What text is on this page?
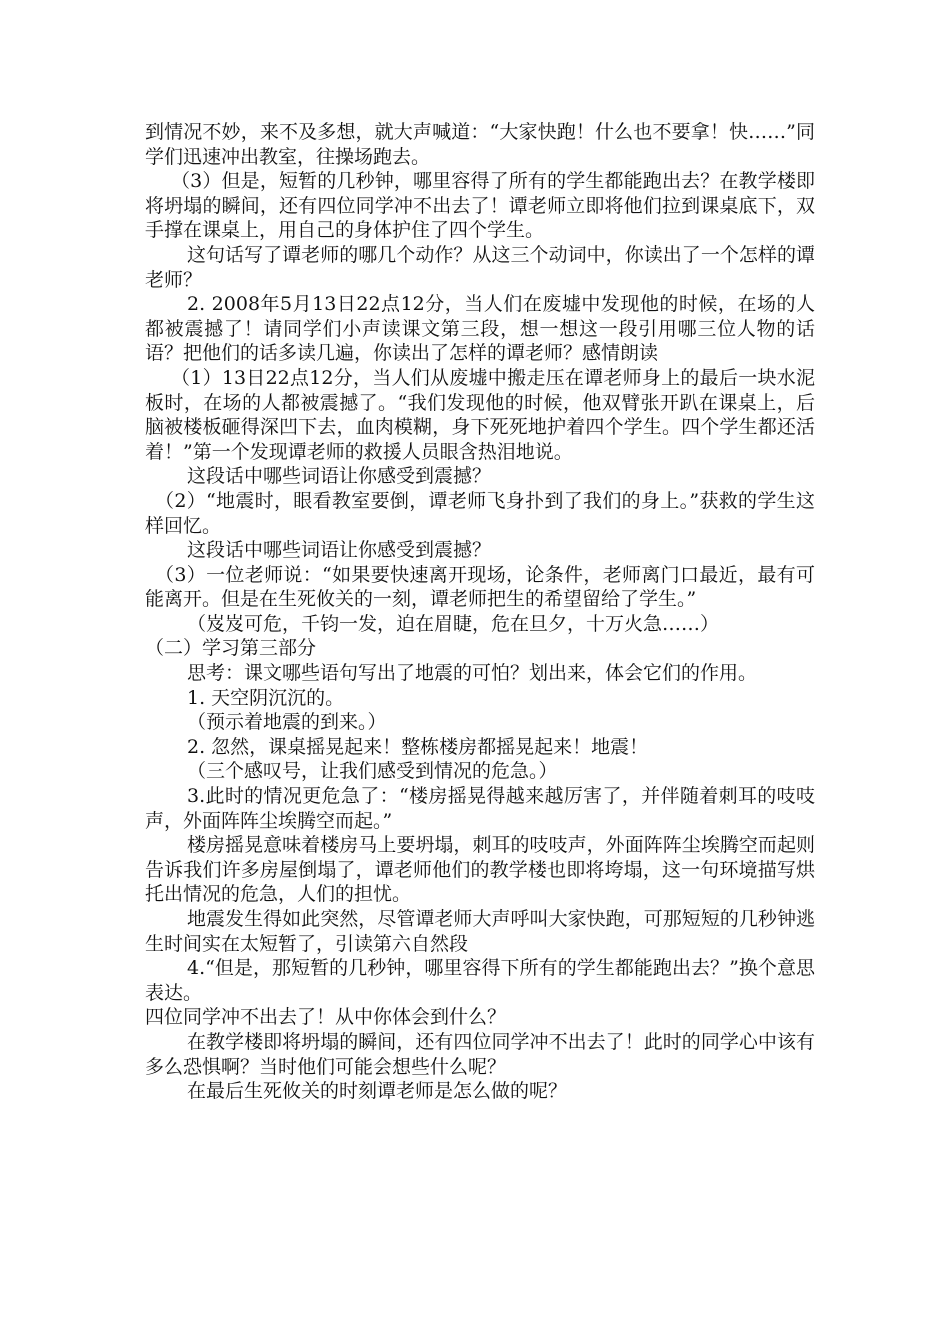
到情况不妙，来不及多想，就大声喊道：“大家快跑！什么也不要拿！快……”同学们迅速冲出教室，往操场跑去。

（3）但是，短暂的几秒钟，哪里容得了所有的学生都能跑出去？在教学楼即将坍塌的瞬间，还有四位同学冲不出去了！谭老师立即将他们拉到课桌底下，双手撑在课桌上，用自己的身体护住了四个学生。

这句话写了谭老师的哪几个动作？从这三个动词中，你读出了一个怎样的谭老师？

2. 2008年5月13日22点12分，当人们在废墟中发现他的时候，在场的人都被震撼了！请同学们小声读课文第三段，想一想这一段引用哪三位人物的话语？把他们的话多读几遍，你读出了怎样的谭老师？感情朗读

（1）13日22点12分，当人们从废墟中搬走压在谭老师身上的最后一块水泥板时，在场的人都被震撼了。“我们发现他的时候，他双臂张开趴在课桌上，后脑被楼板砸得深凹下去，血肉模糊，身下死死地护着四个学生。四个学生都还活着！”第一个发现谭老师的救援人员眼含热泪地说。

这段话中哪些词语让你感受到震撼？

（2）“地震时，眼看教室要倒，谭老师飞身扑到了我们的身上。”获救的学生这样回忆。

这段话中哪些词语让你感受到震撼？

（3）一位老师说：“如果要快速离开现场，论条件，老师离门口最近，最有可能离开。但是在生死攸关的一刻，谭老师把生的希望留给了学生。”

（岌岌可危，千钧一发，迫在眉睫，危在旦夕，十万火急……）

（二）学习第三部分

思考：课文哪些语句写出了地震的可怕？划出来，体会它们的作用。

1. 天空阴沉沉的。

（预示着地震的到来。）

2. 忽然，课桌摇晃起来！整栋楼房都摇晃起来！地震！

（三个感叹号，让我们感受到情况的危急。）

3.此时的情况更危急了：“楼房摇晃得越来越厉害了，并伴随着刺耳的吱吱声，外面阵阵尘埃腾空而起。”

楼房摇晃意味着楼房马上要坍塌，刺耳的吱吱声，外面阵阵尘埃腾空而起则告诉我们许多房屋倒塌了，谭老师他们的教学楼也即将垮塌，这一句环境描写烘托出情况的危急，人们的担忧。

地震发生得如此突然，尽管谭老师大声呼叫大家快跑，可那短短的几秒钟逃生时间实在太短暂了，引读第六自然段

4.“但是，那短暂的几秒钟，哪里容得下所有的学生都能跑出去？”换个意思表达。

四位同学冲不出去了！从中你体会到什么？

在教学楼即将坍塌的瞬间，还有四位同学冲不出去了！此时的同学心中该有多么恐惧啊？当时他们可能会想些什么呢？

在最后生死攸关的时刻谭老师是怎么做的呢？
